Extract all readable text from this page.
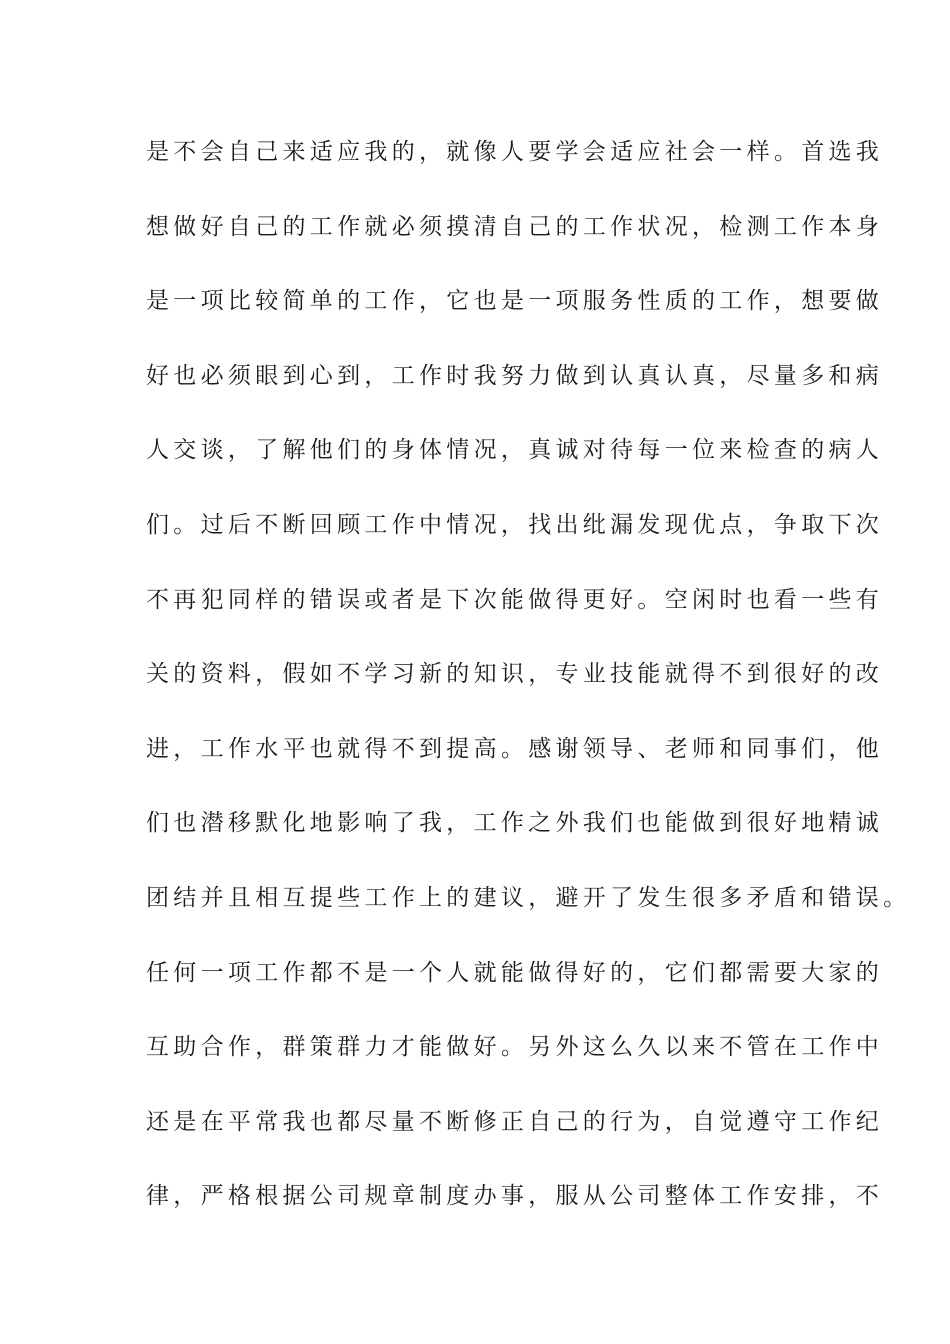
是不会自己来适应我的，就像人要学会适应社会一样。首选我
想做好自己的工作就必须摸清自己的工作状况，检测工作本身
是一项比较简单的工作，它也是一项服务性质的工作，想要做
好也必须眼到心到，工作时我努力做到认真认真，尽量多和病
人交谈，了解他们的身体情况，真诚对待每一位来检查的病人
们。过后不断回顾工作中情况，找出纰漏发现优点，争取下次
不再犯同样的错误或者是下次能做得更好。空闲时也看一些有
关的资料，假如不学习新的知识，专业技能就得不到很好的改
进，工作水平也就得不到提高。感谢领导、老师和同事们，他
们也潜移默化地影响了我，工作之外我们也能做到很好地精诚
团结并且相互提些工作上的建议，避开了发生很多矛盾和错误。
任何一项工作都不是一个人就能做得好的，它们都需要大家的
互助合作，群策群力才能做好。另外这么久以来不管在工作中
还是在平常我也都尽量不断修正自己的行为，自觉遵守工作纪
律，严格根据公司规章制度办事，服从公司整体工作安排，不
